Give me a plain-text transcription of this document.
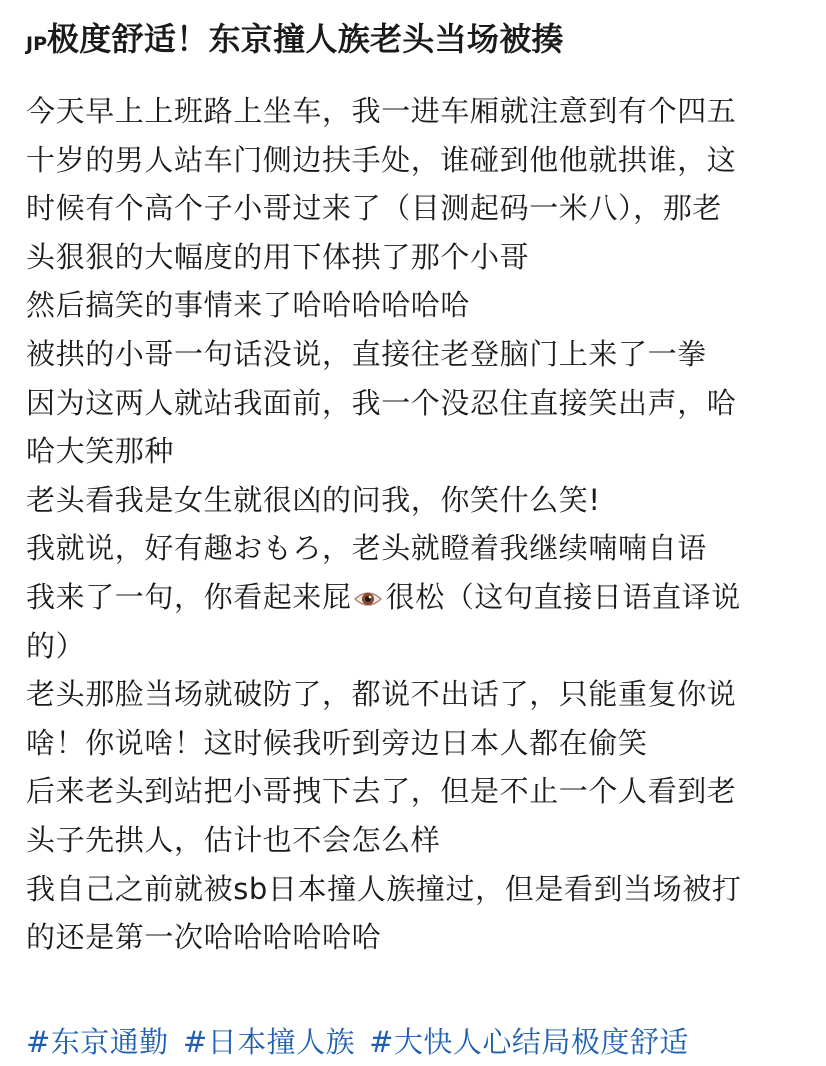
JP极度舒适！东京撞人族老头当场被揍
今天早上上班路上坐车，我一进车厢就注意到有个四五
十岁的男人站车门侧边扶手处，谁碰到他他就拱谁，这
时候有个高个子小哥过来了（目测起码一米八），那老
头狠狠的大幅度的用下体拱了那个小哥
然后搞笑的事情来了哈哈哈哈哈哈
被拱的小哥一句话没说，直接往老登脑门上来了一拳
因为这两人就站我面前，我一个没忍住直接笑出声，哈
哈大笑那种
老头看我是女生就很凶的问我，你笑什么笑!
我就说，好有趣おもろ，老头就瞪着我继续喃喃自语
我来了一句，你看起来屁 很松（这句直接日语直译说
的）
老头那脸当场就破防了，都说不出话了，只能重复你说
啥！你说啥！这时候我听到旁边日本人都在偷笑
后来老头到站把小哥拽下去了，但是不止一个人看到老
头子先拱人，估计也不会怎么样
我自己之前就被sb日本撞人族撞过，但是看到当场被打
的还是第一次哈哈哈哈哈哈
#东京通勤 #日本撞人族 #大快人心结局极度舒适
